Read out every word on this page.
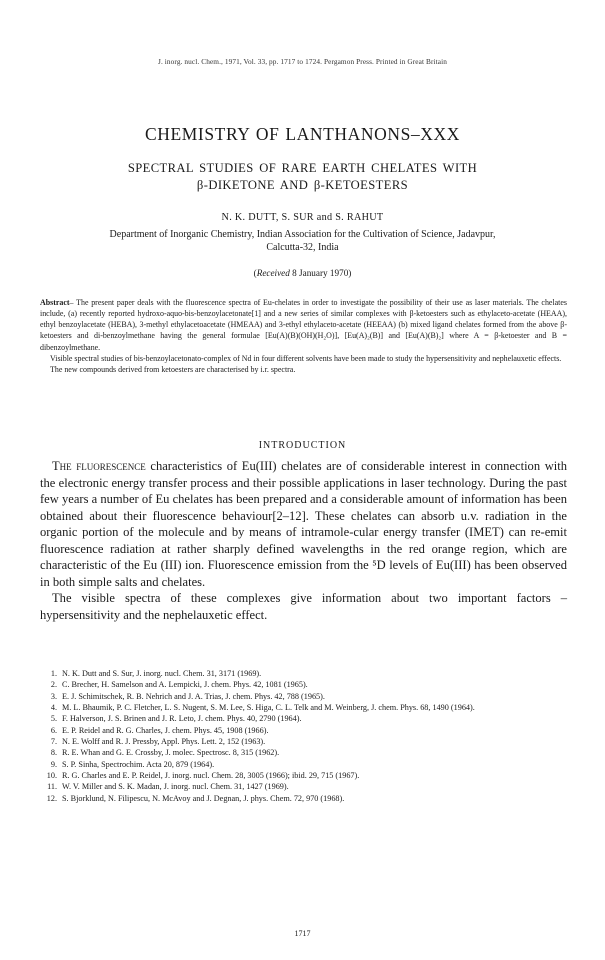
J. inorg. nucl. Chem., 1971, Vol. 33, pp. 1717 to 1724. Pergamon Press. Printed in Great Britain
CHEMISTRY OF LANTHANONS–XXX
SPECTRAL STUDIES OF RARE EARTH CHELATES WITH
β-DIKETONE AND β-KETOESTERS
N. K. DUTT, S. SUR and S. RAHUT
Department of Inorganic Chemistry, Indian Association for the Cultivation of Science, Jadavpur,
Calcutta-32, India
(Received 8 January 1970)

Abstract– The present paper deals with the fluorescence spectra of Eu-chelates in order to investigate the possibility of their use as laser materials. The chelates include, (a) recently reported hydroxo-aquo-bis-benzoylacetonate[1] and a new series of similar complexes with β-ketoesters such as ethylaceto-acetate (HEAA), ethyl benzoylacetate (HEBA), 3-methyl ethylacetoacetate (HMEAA) and 3-ethyl ethylaceto-acetate (HEEAA) (b) mixed ligand chelates formed from the above β-ketoesters and di-benzoylmethane having the general formulae [Eu(A)(B)(OH)(H₂O)], [Eu(A)₂(B)] and [Eu(A)(B)₂] where A = β-ketoester and B = dibenzoylmethane.

Visible spectral studies of bis-benzoylacetonato-complex of Nd in four different solvents have been made to study the hypersensitivity and nephelauxetic effects.

The new compounds derived from ketoesters are characterised by i.r. spectra.

INTRODUCTION

The fluorescence characteristics of Eu(III) chelates are of considerable interest in connection with the electronic energy transfer process and their possible applications in laser technology. During the past few years a number of Eu chelates has been prepared and a considerable amount of information has been obtained about their fluorescence behaviour[2–12]. These chelates can absorb u.v. radiation in the organic portion of the molecule and by means of intramole-cular energy transfer (IMET) can re-emit fluorescence radiation at rather sharply defined wavelengths in the red orange region, which are characteristic of the Eu (III) ion. Fluorescence emission from the ⁵D levels of Eu(III) has been observed in both simple salts and chelates.

The visible spectra of these complexes give information about two important factors – hypersensitivity and the nephelauxetic effect.

1. N. K. Dutt and S. Sur, J. inorg. nucl. Chem. 31, 3171 (1969).
2. C. Brecher, H. Samelson and A. Lempicki, J. chem. Phys. 42, 1081 (1965).
3. E. J. Schimitschek, R. B. Nehrich and J. A. Trias, J. chem. Phys. 42, 788 (1965).
4. M. L. Bhaumik, P. C. Fletcher, L. S. Nugent, S. M. Lee, S. Higa, C. L. Telk and M. Weinberg, J. chem. Phys. 68, 1490 (1964).
5. F. Halverson, J. S. Brinen and J. R. Leto, J. chem. Phys. 40, 2790 (1964).
6. E. P. Reidel and R. G. Charles, J. chem. Phys. 45, 1908 (1966).
7. N. E. Wolff and R. J. Pressby, Appl. Phys. Lett. 2, 152 (1963).
8. R. E. Whan and G. E. Crossby, J. molec. Spectrosc. 8, 315 (1962).
9. S. P. Sinha, Spectrochim. Acta 20, 879 (1964).
10. R. G. Charles and E. P. Reidel, J. inorg. nucl. Chem. 28, 3005 (1966); ibid. 29, 715 (1967).
11. W. V. Miller and S. K. Madan, J. inorg. nucl. Chem. 31, 1427 (1969).
12. S. Bjorklund, N. Filipescu, N. McAvoy and J. Degnan, J. phys. Chem. 72, 970 (1968).
1717
